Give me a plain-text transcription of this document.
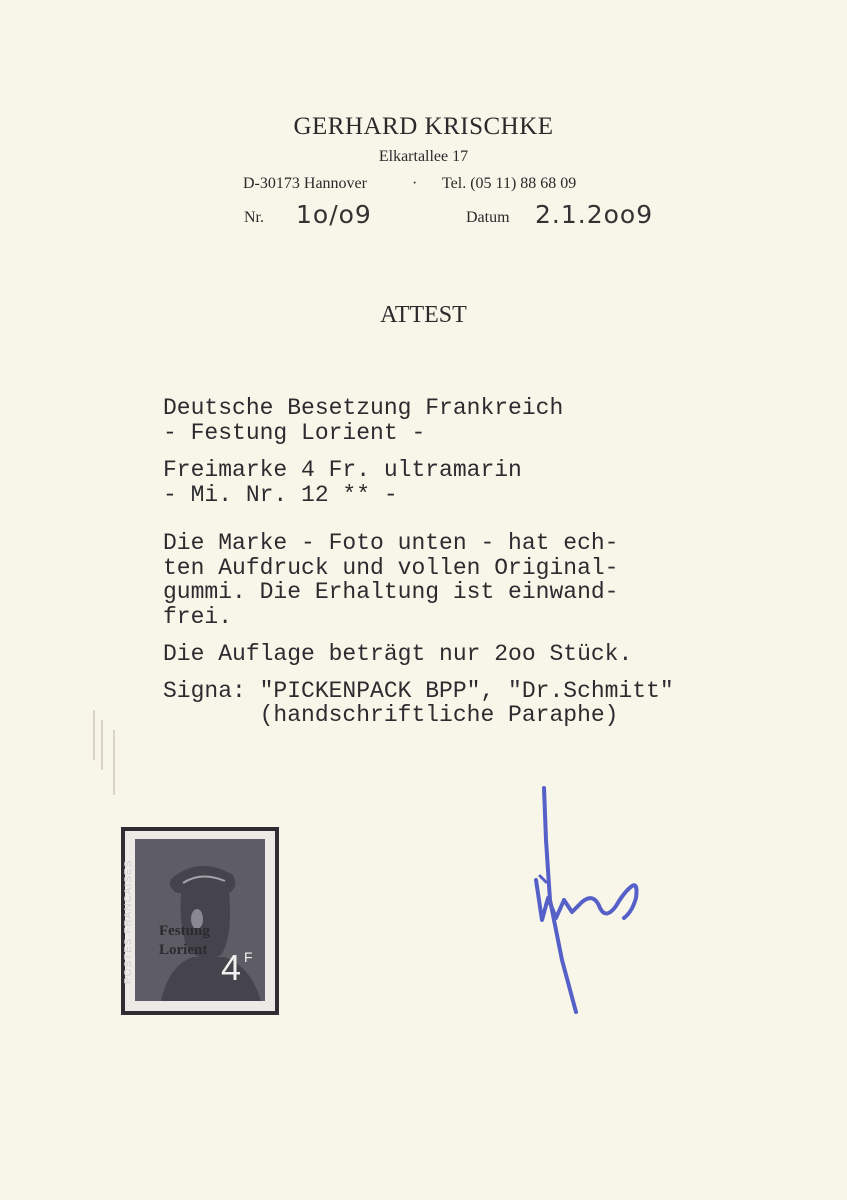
GERHARD KRISCHKE
Elkartallee 17
D-30173 Hannover	· Tel. (05 11) 88 68 09
Nr. 1o/o9	Datum 2.1.2oo9
ATTEST
Deutsche Besetzung Frankreich
- Festung Lorient -
Freimarke 4 Fr. ultramarin
- Mi. Nr. 12 ** -
Die Marke - Foto unten - hat ech-
ten Aufdruck und vollen Original-
gummi. Die Erhaltung ist einwand-
frei.
Die Auflage beträgt nur 2oo Stück.
Signa: "PICKENPACK BPP", "Dr.Schmitt"
(handschriftliche Paraphe)
POSTES FRANCAISES Festung
Lorient 4 F
